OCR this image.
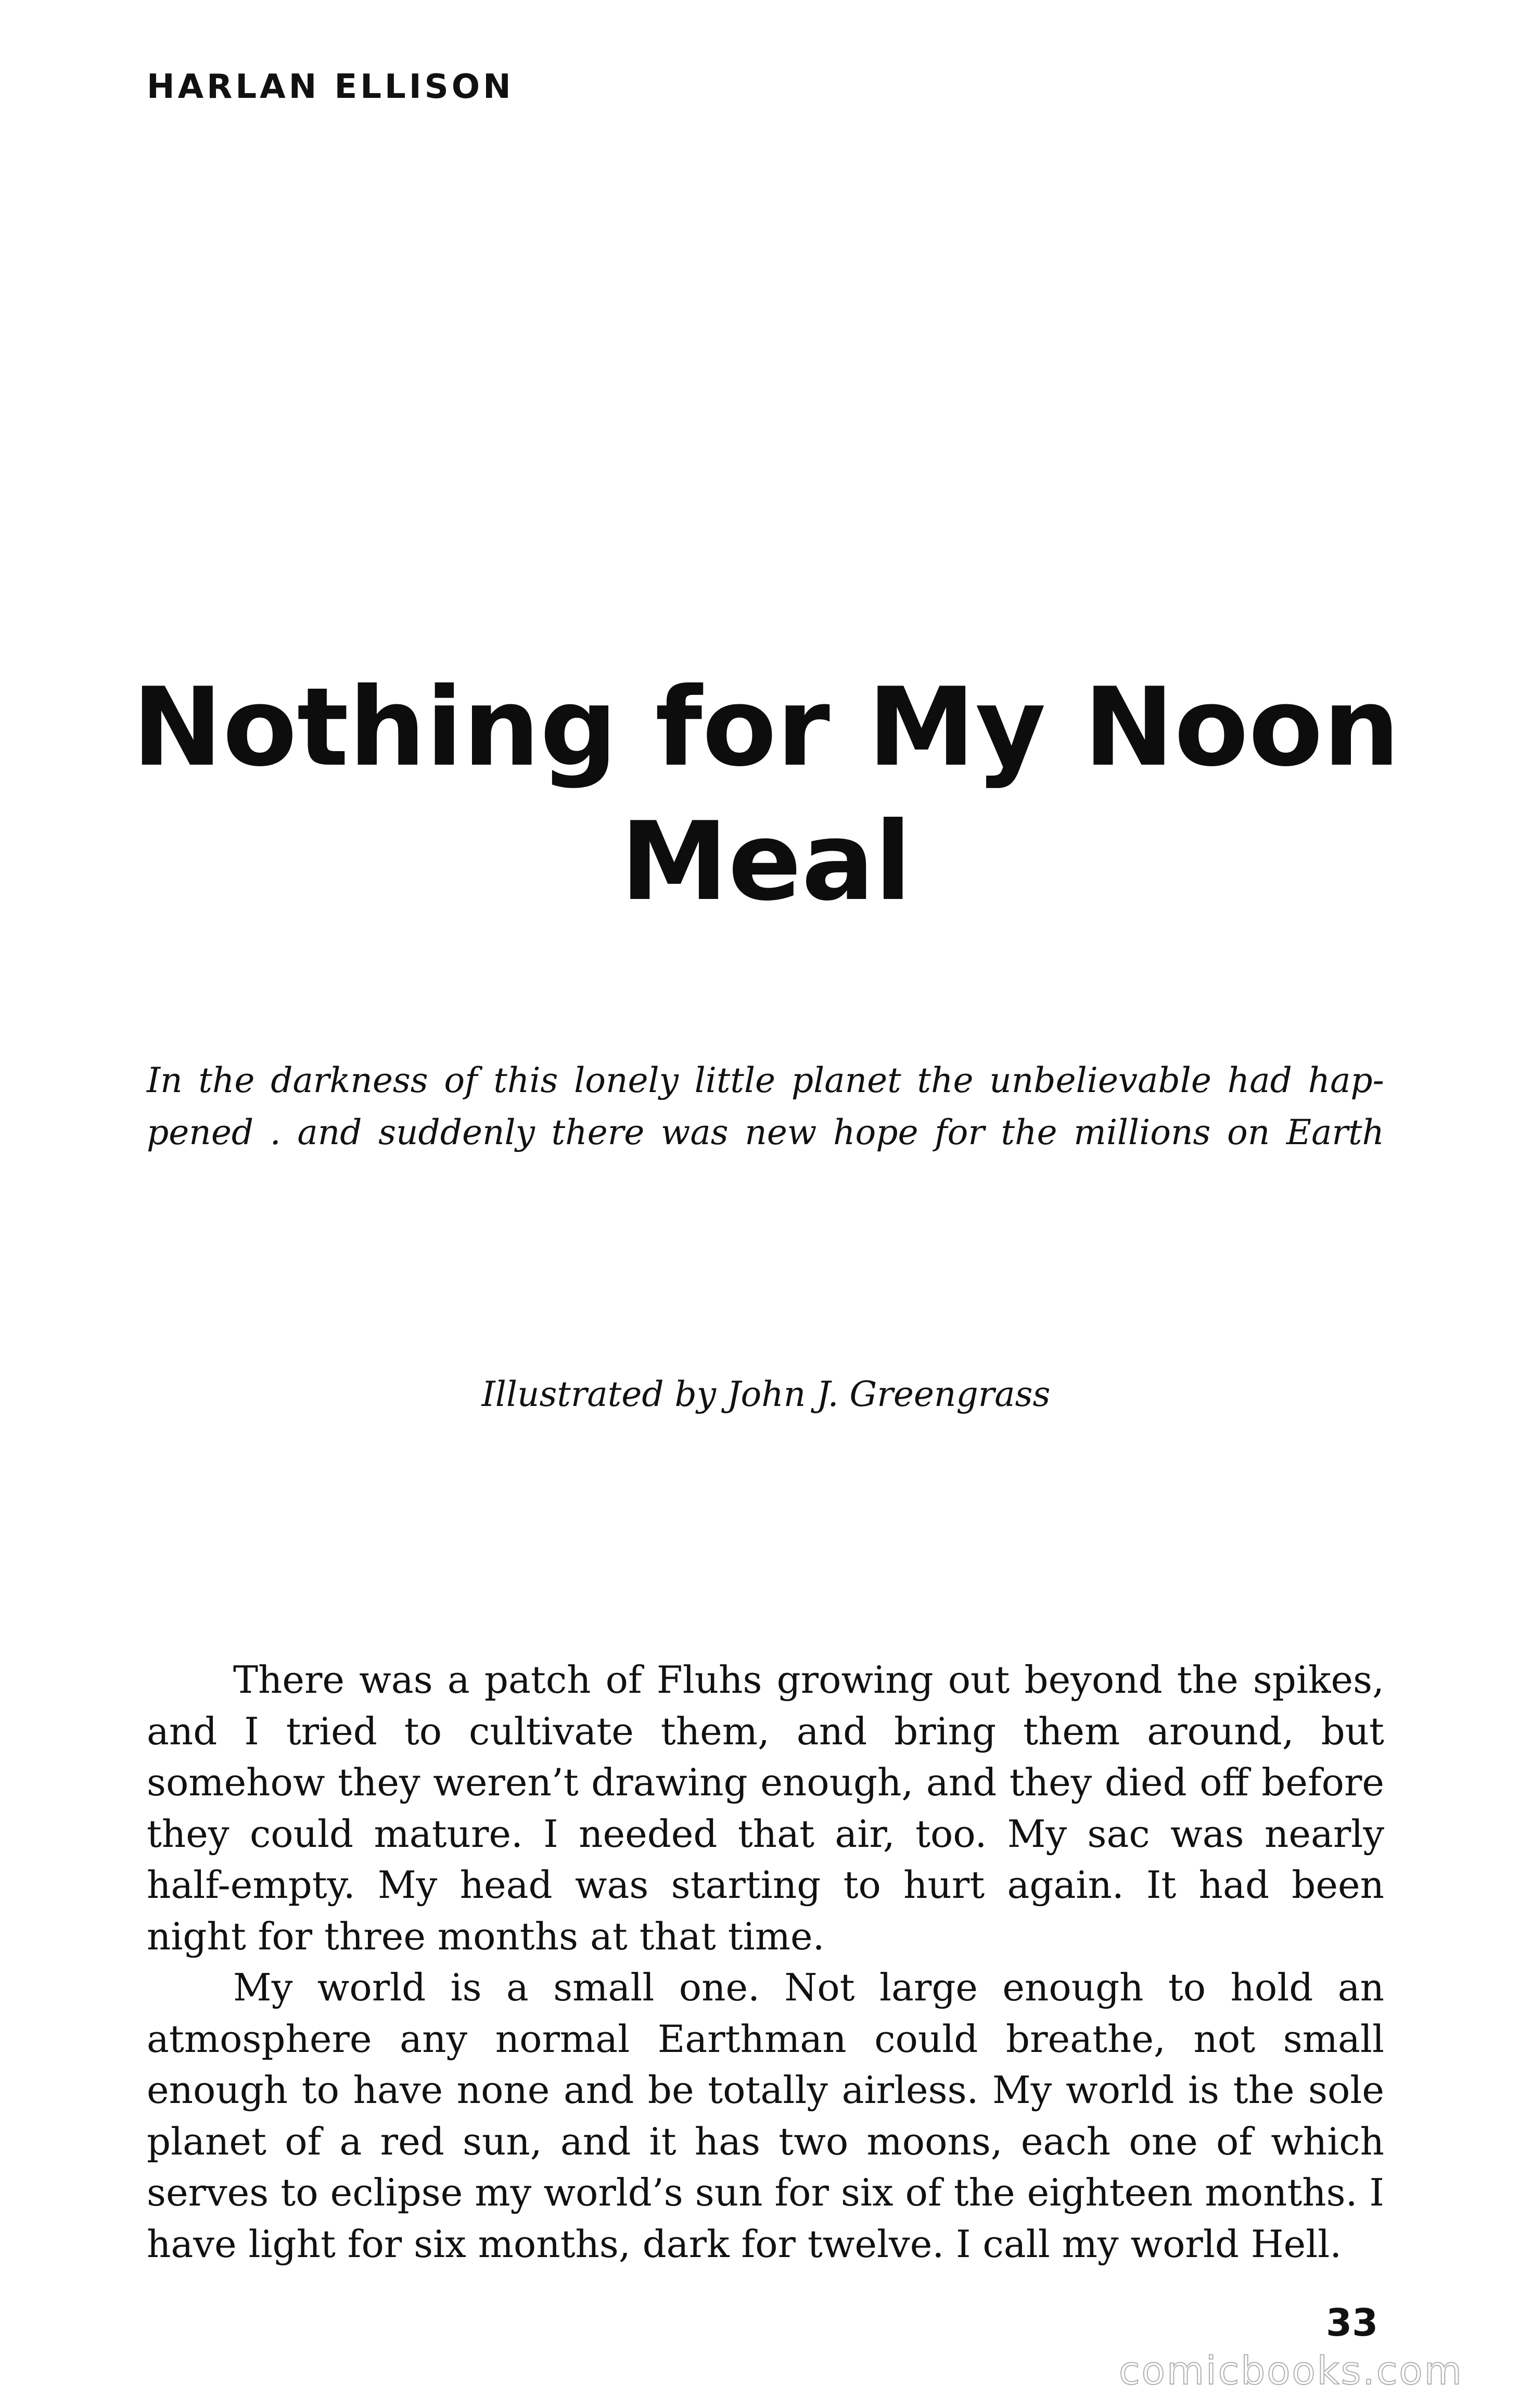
HARLAN ELLISON
Nothing for My Noon
Meal
In the darkness of this lonely little planet the unbelievable had hap-
pened . and suddenly there was new hope for the millions on Earth
Illustrated by John J. Greengrass

There was a patch of Fluhs growing out beyond the spikes, and I tried to cultivate them, and bring them around, but somehow they weren’t drawing enough, and they died off before they could mature. I needed that air, too. My sac was nearly half-empty. My head was starting to hurt again. It had been night for three months at that time.

My world is a small one. Not large enough to hold an atmosphere any normal Earthman could breathe, not small enough to have none and be totally airless. My world is the sole planet of a red sun, and it has two moons, each one of which serves to eclipse my world’s sun for six of the eighteen months. I have light for six months, dark for twelve. I call my world Hell.

33
comicbooks.com
